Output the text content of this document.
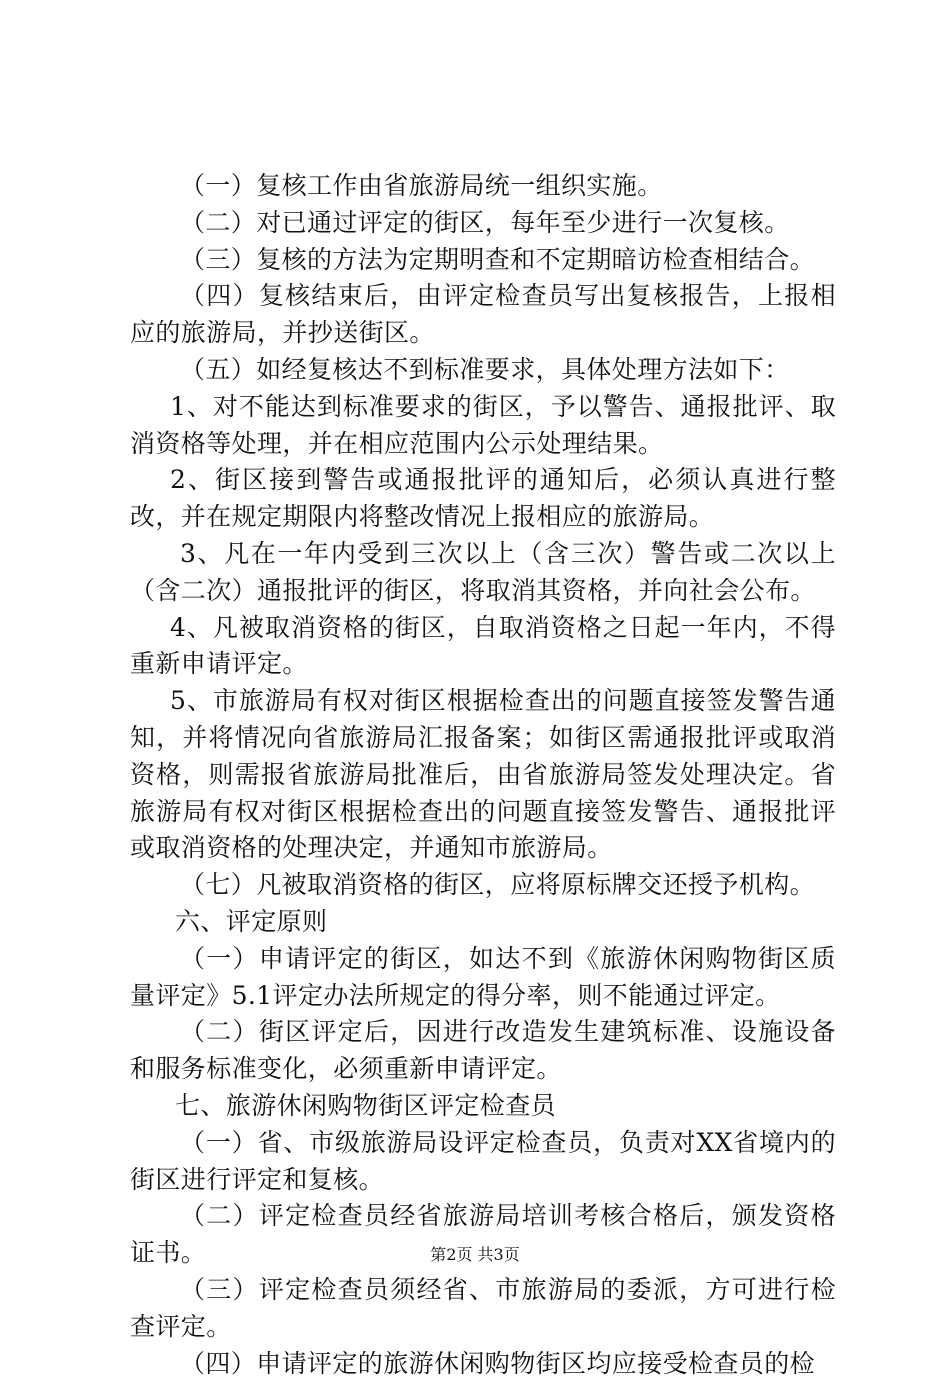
（一）复核工作由省旅游局统一组织实施。

（二）对已通过评定的街区，每年至少进行一次复核。

（三）复核的方法为定期明查和不定期暗访检查相结合。

（四）复核结束后，由评定检查员写出复核报告，上报相应的旅游局，并抄送街区。

（五）如经复核达不到标准要求，具体处理方法如下：

1、对不能达到标准要求的街区，予以警告、通报批评、取消资格等处理，并在相应范围内公示处理结果。

2、街区接到警告或通报批评的通知后，必须认真进行整改，并在规定期限内将整改情况上报相应的旅游局。

3、凡在一年内受到三次以上（含三次）警告或二次以上（含二次）通报批评的街区，将取消其资格，并向社会公布。

4、凡被取消资格的街区，自取消资格之日起一年内，不得重新申请评定。

5、市旅游局有权对街区根据检查出的问题直接签发警告通知，并将情况向省旅游局汇报备案；如街区需通报批评或取消资格，则需报省旅游局批准后，由省旅游局签发处理决定。省旅游局有权对街区根据检查出的问题直接签发警告、通报批评或取消资格的处理决定，并通知市旅游局。

（七）凡被取消资格的街区，应将原标牌交还授予机构。

六、评定原则

（一）申请评定的街区，如达不到《旅游休闲购物街区质量评定》5.1评定办法所规定的得分率，则不能通过评定。

（二）街区评定后，因进行改造发生建筑标准、设施设备和服务标准变化，必须重新申请评定。

七、旅游休闲购物街区评定检查员

（一）省、市级旅游局设评定检查员，负责对XX省境内的街区进行评定和复核。

（二）评定检查员经省旅游局培训考核合格后，颁发资格证书。

（三）评定检查员须经省、市旅游局的委派，方可进行检查评定。

（四）申请评定的旅游休闲购物街区均应接受检查员的检

第2页 共3页
